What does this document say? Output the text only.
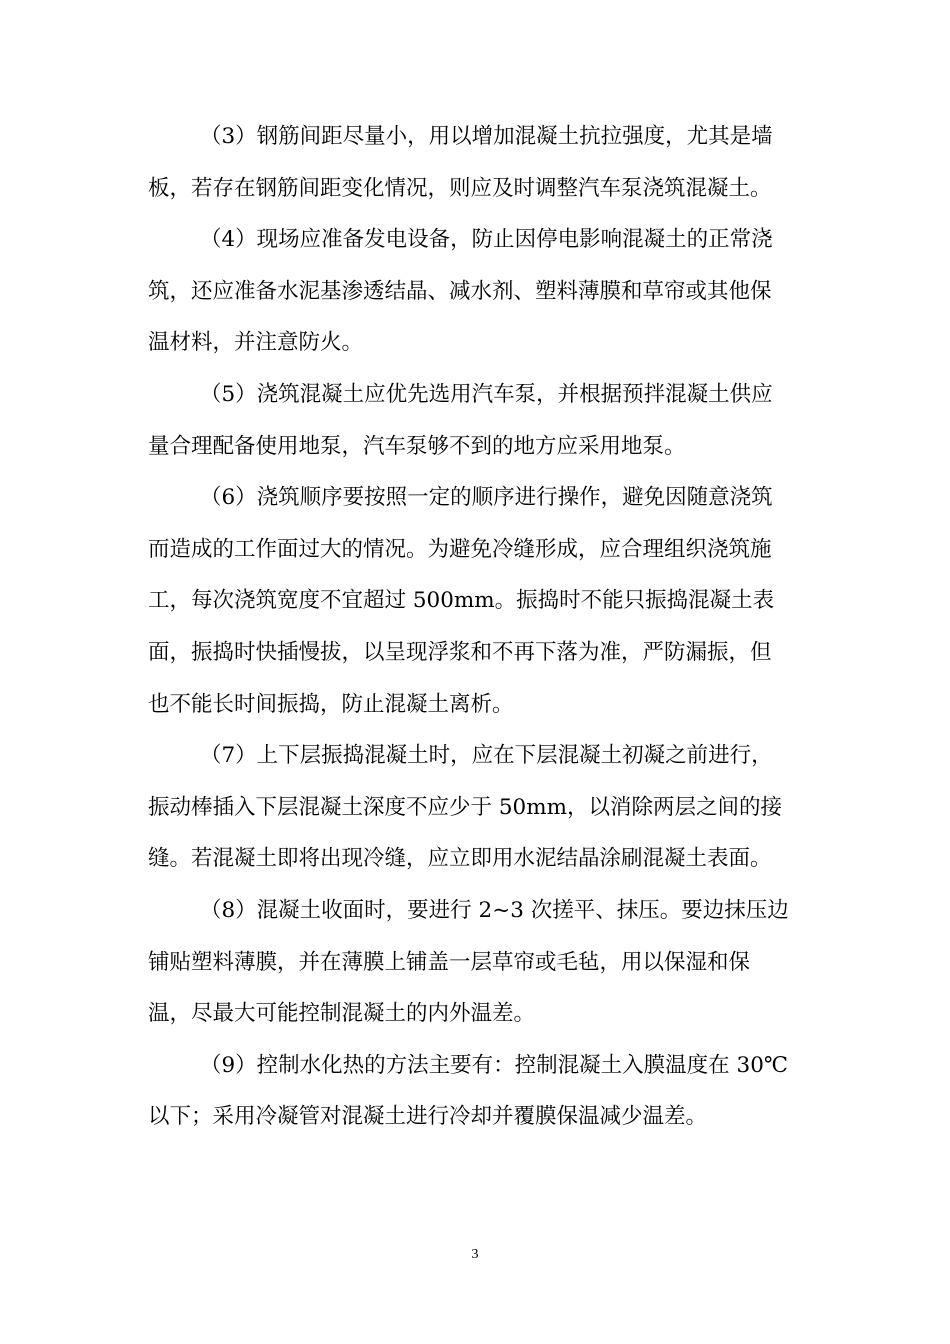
（3）钢筋间距尽量小，用以增加混凝土抗拉强度，尤其是墙
板，若存在钢筋间距变化情况，则应及时调整汽车泵浇筑混凝土。

（4）现场应准备发电设备，防止因停电影响混凝土的正常浇
筑，还应准备水泥基渗透结晶、减水剂、塑料薄膜和草帘或其他保
温材料，并注意防火。

（5）浇筑混凝土应优先选用汽车泵，并根据预拌混凝土供应
量合理配备使用地泵，汽车泵够不到的地方应采用地泵。

（6）浇筑顺序要按照一定的顺序进行操作，避免因随意浇筑
而造成的工作面过大的情况。为避免冷缝形成，应合理组织浇筑施
工，每次浇筑宽度不宜超过 500mm。振捣时不能只振捣混凝土表
面，振捣时快插慢拔，以呈现浮浆和不再下落为准，严防漏振，但
也不能长时间振捣，防止混凝土离析。

（7）上下层振捣混凝土时，应在下层混凝土初凝之前进行，
振动棒插入下层混凝土深度不应少于 50mm，以消除两层之间的接
缝。若混凝土即将出现冷缝，应立即用水泥结晶涂刷混凝土表面。

（8）混凝土收面时，要进行 2~3 次搓平、抹压。要边抹压边
铺贴塑料薄膜，并在薄膜上铺盖一层草帘或毛毡，用以保湿和保
温，尽最大可能控制混凝土的内外温差。

（9）控制水化热的方法主要有：控制混凝土入膜温度在 30℃
以下；采用冷凝管对混凝土进行冷却并覆膜保温减少温差。

3
